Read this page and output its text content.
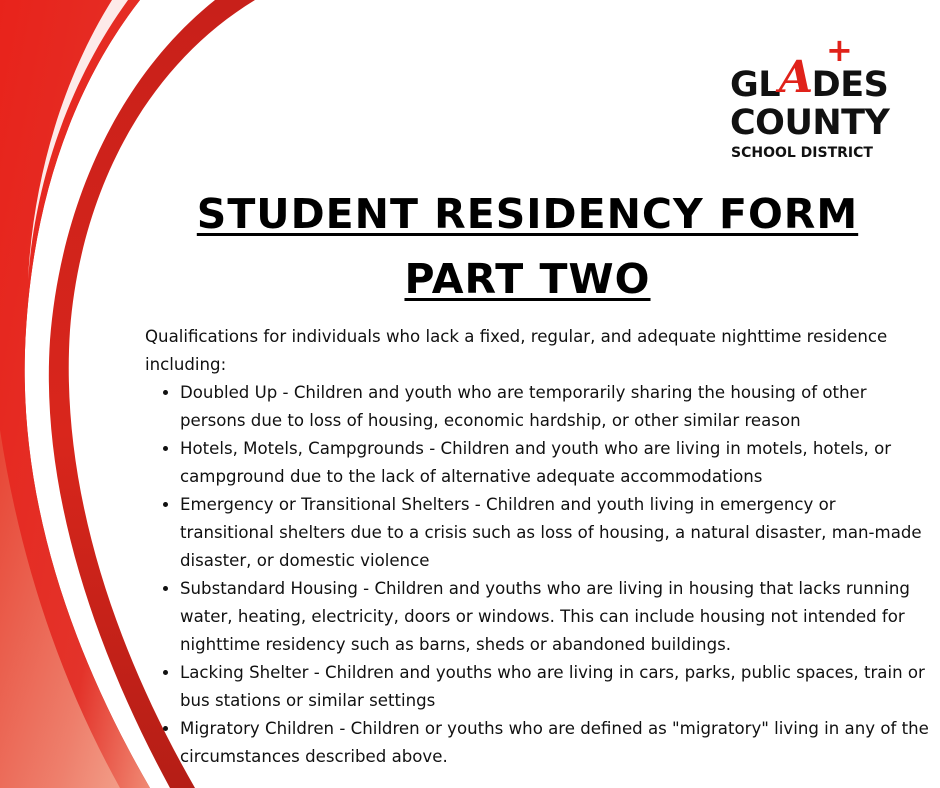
GLADES
+
COUNTY
SCHOOL DISTRICT
STUDENT RESIDENCY FORM
PART TWO

Qualifications for individuals who lack a fixed, regular, and adequate nighttime residence including:

• Doubled Up - Children and youth who are temporarily sharing the housing of other persons due to loss of housing, economic hardship, or other similar reason
• Hotels, Motels, Campgrounds - Children and youth who are living in motels, hotels, or campground due to the lack of alternative adequate accommodations
• Emergency or Transitional Shelters - Children and youth living in emergency or transitional shelters due to a crisis such as loss of housing, a natural disaster, man-made disaster, or domestic violence
• Substandard Housing - Children and youths who are living in housing that lacks running water, heating, electricity, doors or windows. This can include housing not intended for nighttime residency such as barns, sheds or abandoned buildings.
• Lacking Shelter - Children and youths who are living in cars, parks, public spaces, train or bus stations or similar settings
• Migratory Children - Children or youths who are defined as "migratory" living in any of the circumstances described above.
